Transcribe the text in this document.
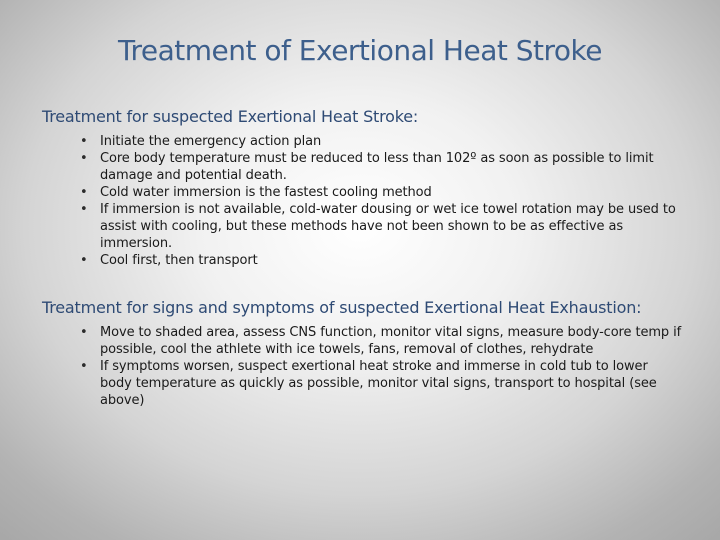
Treatment of Exertional Heat Stroke
Treatment for suspected Exertional Heat Stroke:
• Initiate the emergency action plan
• Core body temperature must be reduced to less than 102º as soon as possible to limit damage and potential death.
• Cold water immersion is the fastest cooling method
• If immersion is not available, cold-water dousing or wet ice towel rotation may be used to assist with cooling, but these methods have not been shown to be as effective as immersion.
• Cool first, then transport
Treatment for signs and symptoms of suspected Exertional Heat Exhaustion:
• Move to shaded area, assess CNS function, monitor vital signs, measure body-core temp if possible, cool the athlete with ice towels, fans, removal of clothes, rehydrate
• If symptoms worsen, suspect exertional heat stroke and immerse in cold tub to lower body temperature as quickly as possible, monitor vital signs, transport to hospital (see above)
